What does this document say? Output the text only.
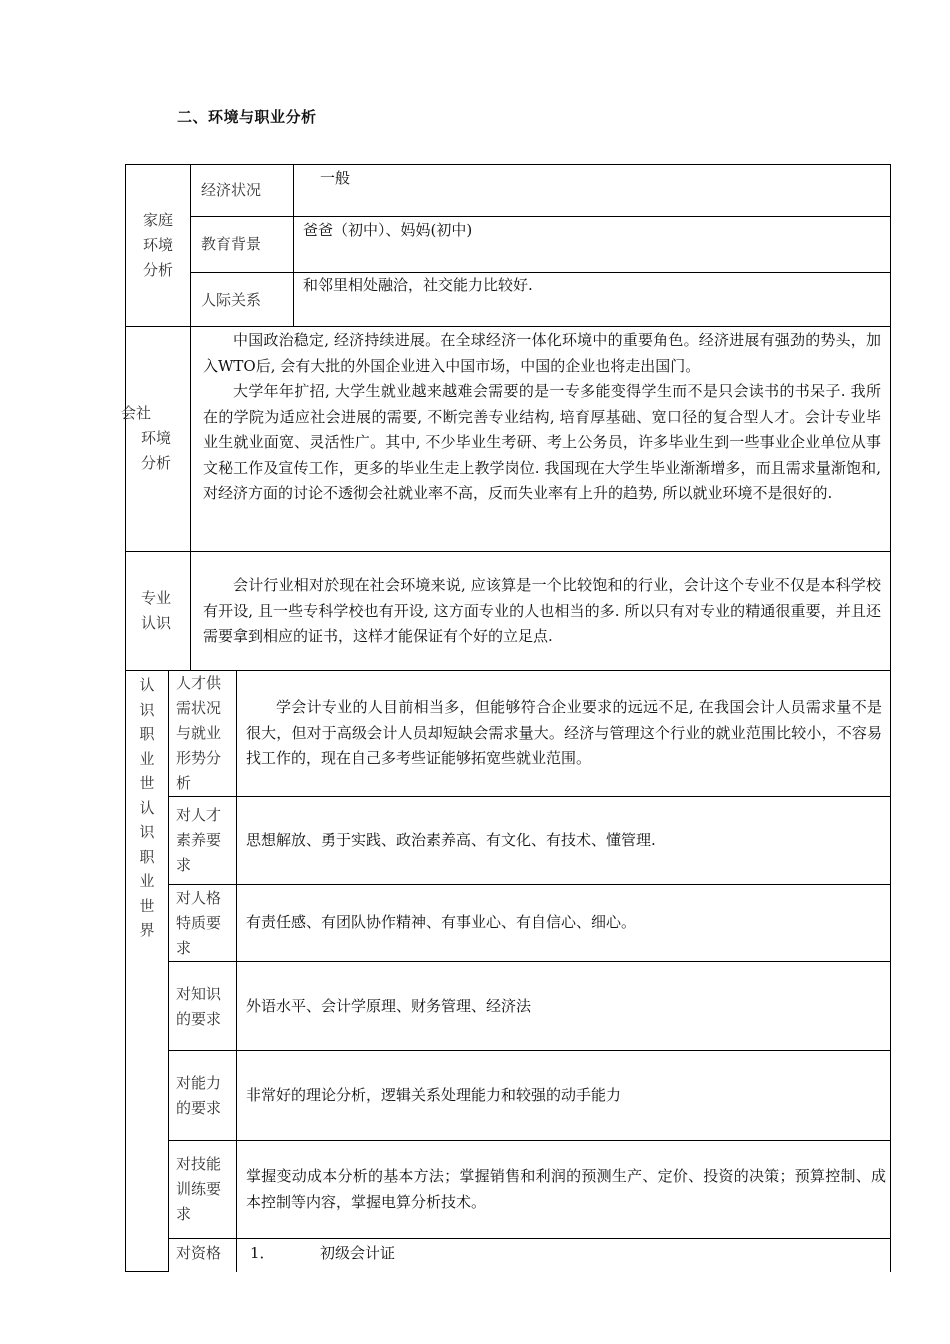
二、环境与职业分析
家庭
环境
分析
经济状况
一般
教育背景
爸爸（初中）、妈妈(初中)
人际关系
和邻里相处融洽，社交能力比较好.
会社
环境
分析
中国政治稳定, 经济持续进展。在全球经济一体化环境中的重要角色。经济进展有强劲的势头，加入WTO后, 会有大批的外国企业进入中国市场，中国的企业也将走出国门。
大学年年扩招, 大学生就业越来越难会需要的是一专多能变得学生而不是只会读书的书呆子. 我所在的学院为适应社会进展的需要, 不断完善专业结构, 培育厚基础、宽口径的复合型人才。会计专业毕业生就业面宽、灵活性广。其中, 不少毕业生考研、考上公务员，许多毕业生到一些事业企业单位从事文秘工作及宣传工作，更多的毕业生走上教学岗位. 我国现在大学生毕业渐渐增多，而且需求量渐饱和, 对经济方面的讨论不透彻会社就业率不高，反而失业率有上升的趋势, 所以就业环境不是很好的.
专业
认识
会计行业相对於现在社会环境来说, 应该算是一个比较饱和的行业，会计这个专业不仅是本科学校有开设, 且一些专科学校也有开设, 这方面专业的人也相当的多. 所以只有对专业的精通很重要，并且还需要拿到相应的证书，这样才能保证有个好的立足点.
认
识
职
业
世
认
识
职
业
世
界
人才供
需状况
与就业
形势分
析
学会计专业的人目前相当多，但能够符合企业要求的远远不足, 在我国会计人员需求量不是很大，但对于高级会计人员却短缺会需求量大。经济与管理这个行业的就业范围比较小，不容易找工作的，现在自己多考些证能够拓宽些就业范围。
对人才
素养要
求
思想解放、勇于实践、政治素养高、有文化、有技术、懂管理.
对人格
特质要
求
有责任感、有团队协作精神、有事业心、有自信心、细心。
对知识
的要求
外语水平、会计学原理、财务管理、经济法
对能力
的要求
非常好的理论分析，逻辑关系处理能力和较强的动手能力
对技能
训练要
求
掌握变动成本分析的基本方法；掌握销售和利润的预测生产、定价、投资的决策；预算控制、成本控制等内容，掌握电算分析技术。
对资格 1．	初级会计证
